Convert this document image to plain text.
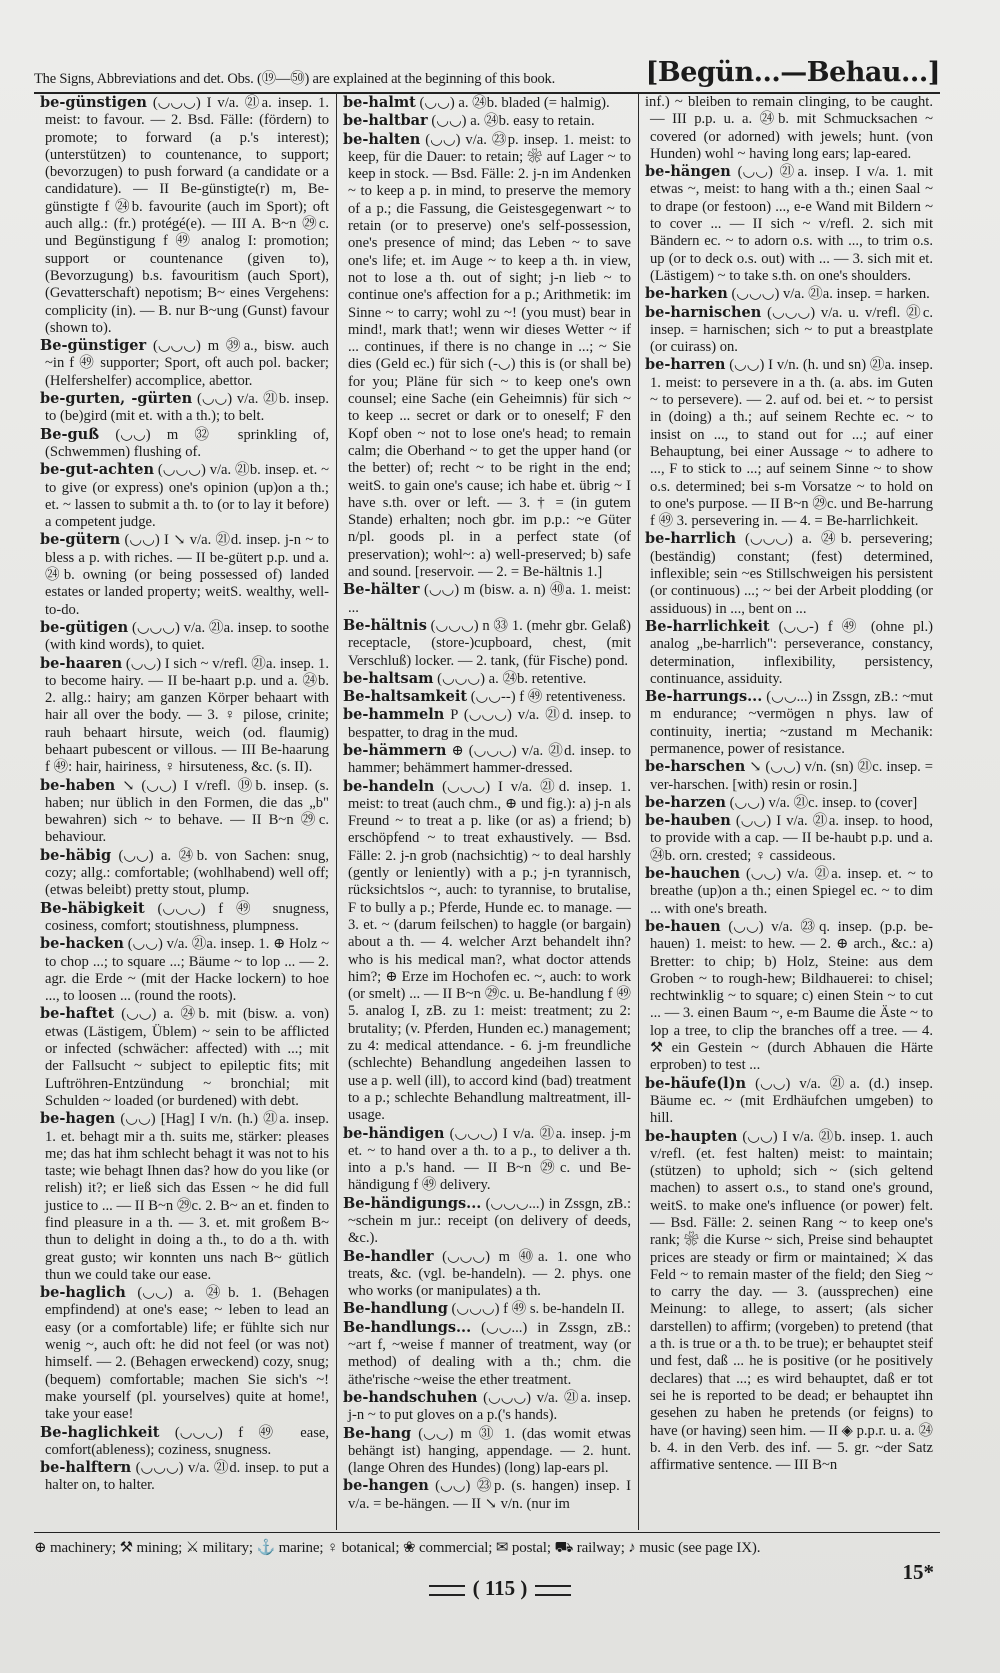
The Signs, Abbreviations and det. Obs. (⑲—㊿) are explained at the beginning of this book.	[Begün...—Behau...]

be-günstigen (◡◡◡) I v/a. ㉑a. insep. 1. meist: to favour. — 2. Bsd. Fälle: (fördern) to promote; to forward (a p.'s interest); (unterstützen) to countenance, to support; (bevorzugen) to push forward (a candidate or a candidature). — II Be-günstigte(r) m, Be-günstigte f ㉔b. favourite (auch im Sport); oft auch allg.: (fr.) protégé(e). — III A. B~n ㉙c. und Begünstigung f ㊾ analog I: promotion; support or countenance (given to), (Bevorzugung) b.s. favouritism (auch Sport), (Gevatterschaft) nepotism; B~ eines Vergehens: complicity (in). — B. nur B~ung (Gunst) favour (shown to).

Be-günstiger (◡◡◡) m ㊴a., bisw. auch ~in f ㊾ supporter; Sport, oft auch pol. backer; (Helfershelfer) accomplice, abettor.

be-gurten, -gürten (◡◡) v/a. ㉑b. insep. to (be)gird (mit et. with a th.); to belt.

Be-guß (◡◡) m ㉜ sprinkling of, (Schwemmen) flushing of.

be-gut-achten (◡◡◡) v/a. ㉑b. insep. et. ~ to give (or express) one's opinion (up)on a th.; et. ~ lassen to submit a th. to (or to lay it before) a competent judge.

be-gütern (◡◡) I ↘ v/a. ㉑d. insep. j-n ~ to bless a p. with riches. — II be-gütert p.p. und a. ㉔b. owning (or being possessed of) landed estates or landed property; weitS. wealthy, well-to-do.

be-gütigen (◡◡◡) v/a. ㉑a. insep. to soothe (with kind words), to quiet.

be-haaren (◡◡) I sich ~ v/refl. ㉑a. insep. 1. to become hairy. — II be-haart p.p. und a. ㉔b. 2. allg.: hairy; am ganzen Körper behaart with hair all over the body. — 3. ♀ pilose, crinite; rauh behaart hirsute, weich (od. flaumig) behaart pubescent or villous. — III Be-haarung f ㊾: hair, hairiness, ♀ hirsuteness, &c. (s. II).

be-haben ↘ (◡◡) I v/refl. ⑲b. insep. (s. haben; nur üblich in den Formen, die das „b" bewahren) sich ~ to behave. — II B~n ㉙c. behaviour.

be-häbig (◡◡) a. ㉔b. von Sachen: snug, cozy; allg.: comfortable; (wohlhabend) well off; (etwas beleibt) pretty stout, plump.

Be-häbigkeit (◡◡◡) f ㊾ snugness, cosiness, comfort; stoutishness, plumpness.

be-hacken (◡◡) v/a. ㉑a. insep. 1. ⊕ Holz ~ to chop ...; to square ...; Bäume ~ to lop ... — 2. agr. die Erde ~ (mit der Hacke lockern) to hoe ..., to loosen ... (round the roots).

be-haftet (◡◡) a. ㉔b. mit (bisw. a. von) etwas (Lästigem, Üblem) ~ sein to be afflicted or infected (schwächer: affected) with ...; mit der Fallsucht ~ subject to epileptic fits; mit Luftröhren-Entzündung ~ bronchial; mit Schulden ~ loaded (or burdened) with debt.

be-hagen (◡◡) [Hag] I v/n. (h.) ㉑a. insep. 1. et. behagt mir a th. suits me, stärker: pleases me; das hat ihm schlecht behagt it was not to his taste; wie behagt Ihnen das? how do you like (or relish) it?; er ließ sich das Essen ~ he did full justice to ... — II B~n ㉙c. 2. B~ an et. finden to find pleasure in a th. — 3. et. mit großem B~ thun to delight in doing a th., to do a th. with great gusto; wir konnten uns nach B~ gütlich thun we could take our ease.

be-haglich (◡◡) a. ㉔b. 1. (Behagen empfindend) at one's ease; ~ leben to lead an easy (or a comfortable) life; er fühlte sich nur wenig ~, auch oft: he did not feel (or was not) himself. — 2. (Behagen erweckend) cozy, snug; (bequem) comfortable; machen Sie sich's ~! make yourself (pl. yourselves) quite at home!, take your ease!

Be-haglichkeit (◡◡◡) f ㊾ ease, comfort(ableness); coziness, snugness.

be-halftern (◡◡◡) v/a. ㉑d. insep. to put a halter on, to halter.

be-halmt (◡◡) a. ㉔b. bladed (= halmig).

be-haltbar (◡◡) a. ㉔b. easy to retain.

be-halten (◡◡) v/a. ㉓p. insep. 1. meist: to keep, für die Dauer: to retain; ❀ auf Lager ~ to keep in stock. — Bsd. Fälle: 2. j-n im Andenken ~ to keep a p. in mind, to preserve the memory of a p.; die Fassung, die Geistesgegenwart ~ to retain (or to preserve) one's self-possession, one's presence of mind; das Leben ~ to save one's life; et. im Auge ~ to keep a th. in view, not to lose a th. out of sight; j-n lieb ~ to continue one's affection for a p.; Arithmetik: im Sinne ~ to carry; wohl zu ~! (you must) bear in mind!, mark that!; wenn wir dieses Wetter ~ if ... continues, if there is no change in ...; ~ Sie dies (Geld ec.) für sich (-◡) this is (or shall be) for you; Pläne für sich ~ to keep one's own counsel; eine Sache (ein Geheimnis) für sich ~ to keep ... secret or dark or to oneself; F den Kopf oben ~ not to lose one's head; to remain calm; die Oberhand ~ to get the upper hand (or the better) of; recht ~ to be right in the end; weitS. to gain one's cause; ich habe et. übrig ~ I have s.th. over or left. — 3. † = (in gutem Stande) erhalten; noch gbr. im p.p.: ~e Güter n/pl. goods pl. in a perfect state (of preservation); wohl~: a) well-preserved; b) safe and sound. [reservoir. — 2. = Be-hältnis 1.]

Be-hälter (◡◡) m (bisw. a. n) ㊵a. 1. meist: ...

Be-hältnis (◡◡◡) n ㉝ 1. (mehr gbr. Gelaß) receptacle, (store-)cupboard, chest, (mit Verschluß) locker. — 2. tank, (für Fische) pond.

be-haltsam (◡◡◡) a. ㉔b. retentive.

Be-haltsamkeit (◡◡--) f ㊾ retentiveness.

be-hammeln P (◡◡◡) v/a. ㉑d. insep. to bespatter, to drag in the mud.

be-hämmern ⊕ (◡◡◡) v/a. ㉑d. insep. to hammer; behämmert hammer-dressed.

be-handeln (◡◡◡) I v/a. ㉑d. insep. 1. meist: to treat (auch chm., ⊕ und fig.): a) j-n als Freund ~ to treat a p. like (or as) a friend; b) erschöpfend ~ to treat exhaustively. — Bsd. Fälle: 2. j-n grob (nachsichtig) ~ to deal harshly (gently or leniently) with a p.; j-n tyrannisch, rücksichtslos ~, auch: to tyrannise, to brutalise, F to bully a p.; Pferde, Hunde ec. to manage. — 3. et. ~ (darum feilschen) to haggle (or bargain) about a th. — 4. welcher Arzt behandelt ihn? who is his medical man?, what doctor attends him?; ⊕ Erze im Hochofen ec. ~, auch: to work (or smelt) ... — II B~n ㉙c. u. Be-handlung f ㊾ 5. analog I, zB. zu 1: meist: treatment; zu 2: brutality; (v. Pferden, Hunden ec.) management; zu 4: medical attendance. - 6. j-m freundliche (schlechte) Behandlung angedeihen lassen to use a p. well (ill), to accord kind (bad) treatment to a p.; schlechte Behandlung maltreatment, ill-usage.

be-händigen (◡◡◡) I v/a. ㉑a. insep. j-m et. ~ to hand over a th. to a p., to deliver a th. into a p.'s hand. — II B~n ㉙c. und Be-händigung f ㊾ delivery.

Be-händigungs... (◡◡◡...) in Zssgn, zB.: ~schein m jur.: receipt (on delivery of deeds, &c.).

Be-handler (◡◡◡) m ㊵a. 1. one who treats, &c. (vgl. be-handeln). — 2. phys. one who works (or manipulates) a th.

Be-handlung (◡◡◡) f ㊾ s. be-handeln II.

Be-handlungs... (◡◡...) in Zssgn, zB.: ~art f, ~weise f manner of treatment, way (or method) of dealing with a th.; chm. die äthe'rische ~weise the ether treatment.

be-handschuhen (◡◡◡) v/a. ㉑a. insep. j-n ~ to put gloves on a p.('s hands).

Be-hang (◡◡) m ㉛ 1. (das womit etwas behängt ist) hanging, appendage. — 2. hunt. (lange Ohren des Hundes) (long) lap-ears pl.

be-hangen (◡◡) ㉓p. (s. hangen) insep. I v/a. = be-hängen. — II ↘ v/n. (nur im

inf.) ~ bleiben to remain clinging, to be caught. — III p.p. u. a. ㉔b. mit Schmucksachen ~ covered (or adorned) with jewels; hunt. (von Hunden) wohl ~ having long ears; lap-eared.

be-hängen (◡◡) ㉑a. insep. I v/a. 1. mit etwas ~, meist: to hang with a th.; einen Saal ~ to drape (or festoon) ..., e-e Wand mit Bildern ~ to cover ... — II sich ~ v/refl. 2. sich mit Bändern ec. ~ to adorn o.s. with ..., to trim o.s. up (or to deck o.s. out) with ... — 3. sich mit et. (Lästigem) ~ to take s.th. on one's shoulders.

be-harken (◡◡◡) v/a. ㉑a. insep. = harken.

be-harnischen (◡◡◡) v/a. u. v/refl. ㉑c. insep. = harnischen; sich ~ to put a breastplate (or cuirass) on.

be-harren (◡◡) I v/n. (h. und sn) ㉑a. insep. 1. meist: to persevere in a th. (a. abs. im Guten ~ to persevere). — 2. auf od. bei et. ~ to persist in (doing) a th.; auf seinem Rechte ec. ~ to insist on ..., to stand out for ...; auf einer Behauptung, bei einer Aussage ~ to adhere to ..., F to stick to ...; auf seinem Sinne ~ to show o.s. determined; bei s-m Vorsatze ~ to hold on to one's purpose. — II B~n ㉙c. und Be-harrung f ㊾ 3. persevering in. — 4. = Be-harrlichkeit.

be-harrlich (◡◡◡) a. ㉔b. persevering; (beständig) constant; (fest) determined, inflexible; sein ~es Stillschweigen his persistent (or continuous) ...; ~ bei der Arbeit plodding (or assiduous) in ..., bent on ...

Be-harrlichkeit (◡◡-) f ㊾ (ohne pl.) analog „be-harrlich": perseverance, constancy, determination, inflexibility, persistency, continuance, assiduity.

Be-harrungs... (◡◡...) in Zssgn, zB.: ~mut m endurance; ~vermögen n phys. law of continuity, inertia; ~zustand m Mechanik: permanence, power of resistance.

be-harschen ↘ (◡◡) v/n. (sn) ㉑c. insep. = ver-harschen. [with) resin or rosin.]

be-harzen (◡◡) v/a. ㉑c. insep. to (cover]

be-hauben (◡◡) I v/a. ㉑a. insep. to hood, to provide with a cap. — II be-haubt p.p. und a. ㉔b. orn. crested; ♀ cassideous.

be-hauchen (◡◡) v/a. ㉑a. insep. et. ~ to breathe (up)on a th.; einen Spiegel ec. ~ to dim ... with one's breath.

be-hauen (◡◡) v/a. ㉓q. insep. (p.p. be-hauen) 1. meist: to hew. — 2. ⊕ arch., &c.: a) Bretter: to chip; b) Holz, Steine: aus dem Groben ~ to rough-hew; Bildhauerei: to chisel; rechtwinklig ~ to square; c) einen Stein ~ to cut ... — 3. einen Baum ~, e-m Baume die Äste ~ to lop a tree, to clip the branches off a tree. — 4. ⚒ ein Gestein ~ (durch Abhauen die Härte erproben) to test ...

be-häufe(l)n (◡◡) v/a. ㉑a. (d.) insep. Bäume ec. ~ (mit Erdhäufchen umgeben) to hill.

be-haupten (◡◡) I v/a. ㉑b. insep. 1. auch v/refl. (et. fest halten) meist: to maintain; (stützen) to uphold; sich ~ (sich geltend machen) to assert o.s., to stand one's ground, weitS. to make one's influence (or power) felt. — Bsd. Fälle: 2. seinen Rang ~ to keep one's rank; ❀ die Kurse ~ sich, Preise sind behauptet prices are steady or firm or maintained; ⚔ das Feld ~ to remain master of the field; den Sieg ~ to carry the day. — 3. (aussprechen) eine Meinung: to allege, to assert; (als sicher darstellen) to affirm; (vorgeben) to pretend (that a th. is true or a th. to be true); er behauptet steif und fest, daß ... he is positive (or he positively declares) that ...; es wird behauptet, daß er tot sei he is reported to be dead; er behauptet ihn gesehen zu haben he pretends (or feigns) to have (or having) seen him. — II ◈ p.p.r. u. a. ㉔b. 4. in den Verb. des inf. — 5. gr. ~der Satz affirmative sentence. — III B~n

⊕ machinery; ⚒ mining; ⚔ military; ⚓ marine; ♀ botanical; ❀ commercial; ✉ postal; ⛟ railway; ♪ music (see page IX).
( 115 )
15*
